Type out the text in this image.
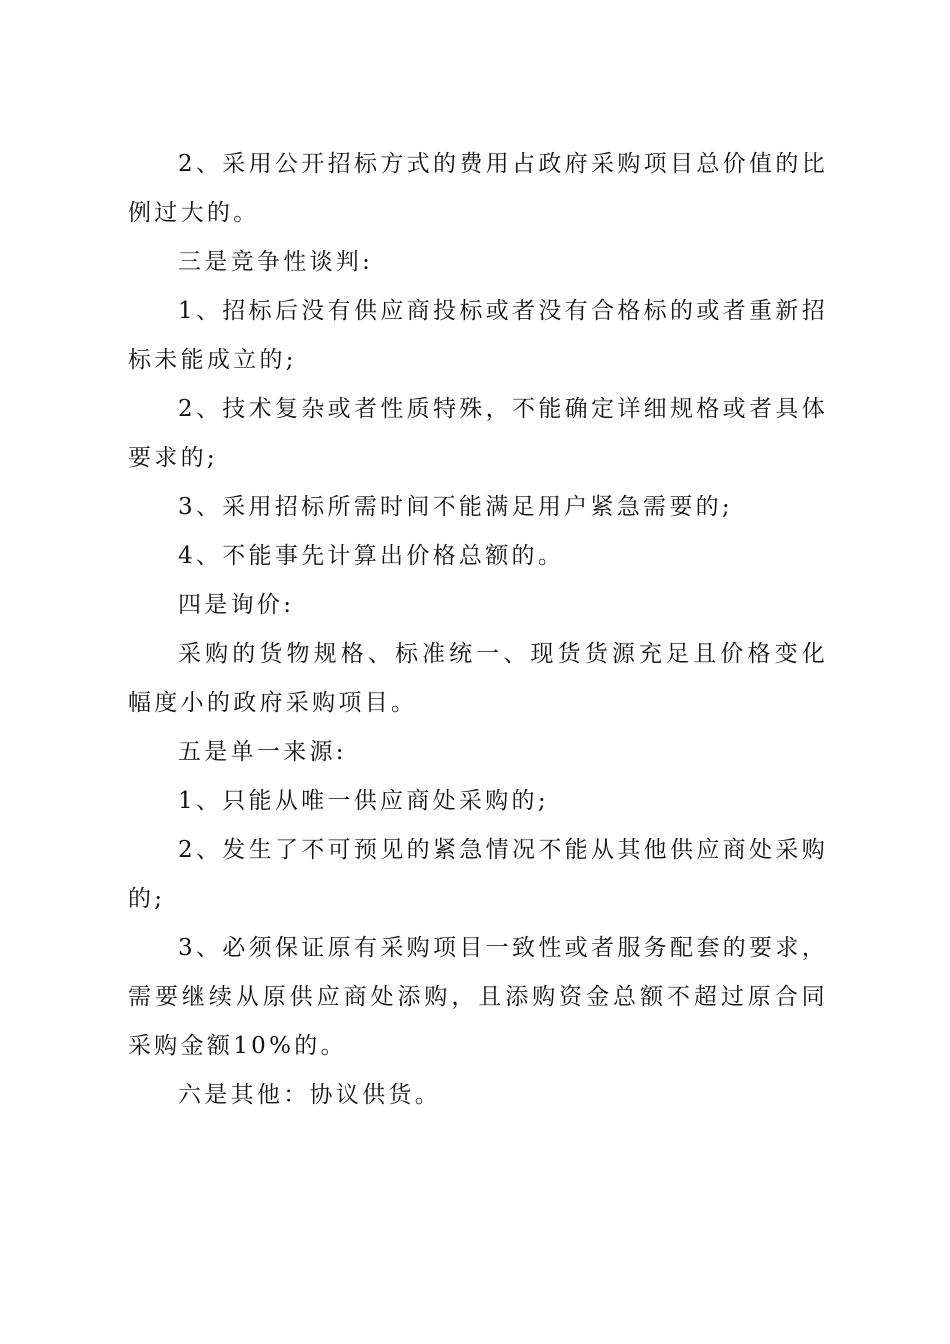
2、采用公开招标方式的费用占政府采购项目总价值的比例过大的。

三是竞争性谈判:

1、招标后没有供应商投标或者没有合格标的或者重新招标未能成立的;

2、技术复杂或者性质特殊，不能确定详细规格或者具体要求的;

3、采用招标所需时间不能满足用户紧急需要的;

4、不能事先计算出价格总额的。

四是询价:

采购的货物规格、标准统一、现货货源充足且价格变化幅度小的政府采购项目。

五是单一来源:

1、只能从唯一供应商处采购的;

2、发生了不可预见的紧急情况不能从其他供应商处采购的;

3、必须保证原有采购项目一致性或者服务配套的要求，需要继续从原供应商处添购，且添购资金总额不超过原合同采购金额10%的。

六是其他：协议供货。
